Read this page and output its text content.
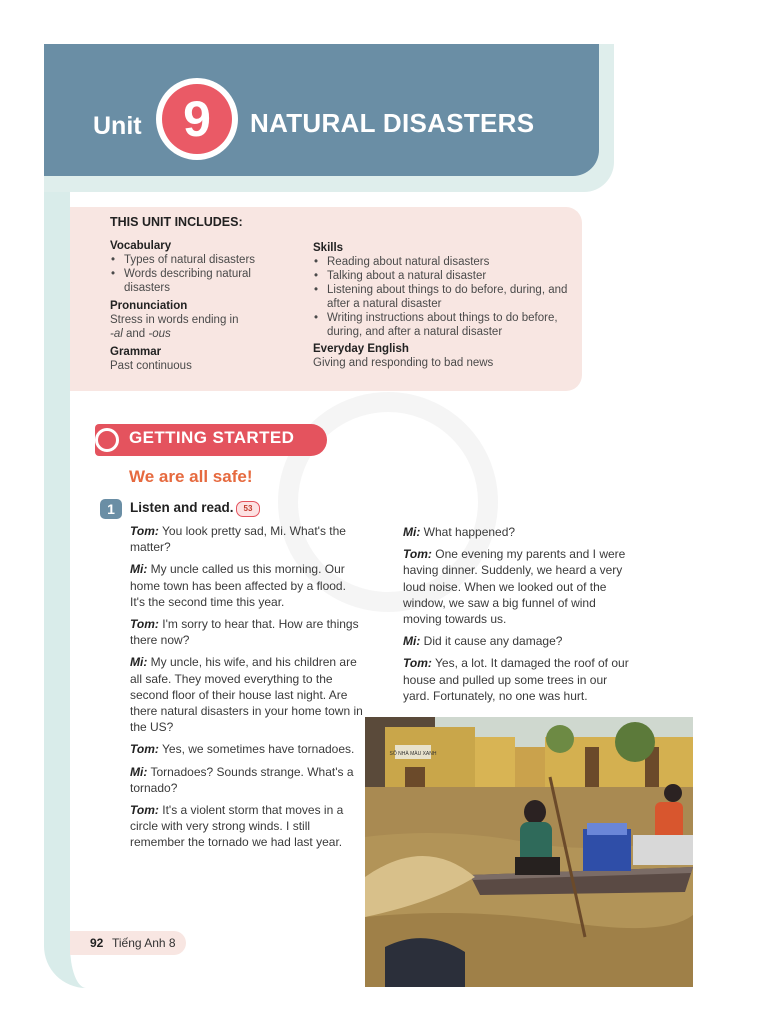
Unit 9	NATURAL DISASTERS
THIS UNIT INCLUDES:
Vocabulary
• Types of natural disasters
• Words describing natural disasters
Pronunciation
Stress in words ending in
-al and -ous
Grammar
Past continuous
Skills
• Reading about natural disasters
• Talking about a natural disaster
• Listening about things to do before, during, and after a natural disaster
• Writing instructions about things to do before, during, and after a natural disaster
Everyday English
Giving and responding to bad news
GETTING STARTED
We are all safe!
1	Listen and read.	53

Tom: You look pretty sad, Mi. What's the matter?

Mi: My uncle called us this morning. Our home town has been affected by a flood. It's the second time this year.

Tom: I'm sorry to hear that. How are things there now?

Mi: My uncle, his wife, and his children are all safe. They moved everything to the second floor of their house last night. Are there natural disasters in your home town in the US?

Tom: Yes, we sometimes have tornadoes.

Mi: Tornadoes? Sounds strange. What's a tornado?

Tom: It's a violent storm that moves in a circle with very strong winds. I still remember the tornado we had last year.

Mi: What happened?

Tom: One evening my parents and I were having dinner. Suddenly, we heard a very loud noise. When we looked out of the window, we saw a big funnel of wind moving towards us.

Mi: Did it cause any damage?

Tom: Yes, a lot. It damaged the roof of our house and pulled up some trees in our yard. Fortunately, no one was hurt.

SỐ NHÀ MÀU XANH
92 Tiếng Anh 8
